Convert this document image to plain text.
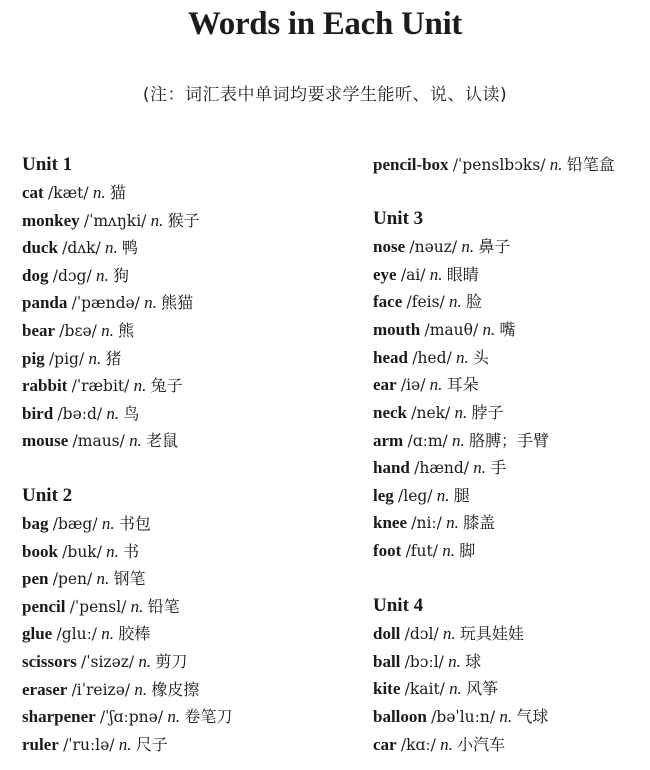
Words in Each Unit
(注：词汇表中单词均要求学生能听、说、认读)
Unit 1
cat /kæt/ n. 猫
monkey /ˈmʌŋki/ n. 猴子
duck /dʌk/ n. 鸭
dog /dɔg/ n. 狗
panda /ˈpændə/ n. 熊猫
bear /bɛə/ n. 熊
pig /pig/ n. 猪
rabbit /ˈræbit/ n. 兔子
bird /bəːd/ n. 鸟
mouse /maus/ n. 老鼠
Unit 2
bag /bæg/ n. 书包
book /buk/ n. 书
pen /pen/ n. 钢笔
pencil /ˈpensl/ n. 铅笔
glue /gluː/ n. 胶棒
scissors /ˈsizəz/ n. 剪刀
eraser /iˈreizə/ n. 橡皮擦
sharpener /ˈʃɑːpnə/ n. 卷笔刀
ruler /ˈruːlə/ n. 尺子
pencil-box /ˈpenslbɔks/ n. 铅笔盒
Unit 3
nose /nəuz/ n. 鼻子
eye /ai/ n. 眼睛
face /feis/ n. 脸
mouth /mauθ/ n. 嘴
head /hed/ n. 头
ear /iə/ n. 耳朵
neck /nek/ n. 脖子
arm /ɑːm/ n. 胳膊；手臂
hand /hænd/ n. 手
leg /leg/ n. 腿
knee /niː/ n. 膝盖
foot /fut/ n. 脚
Unit 4
doll /dɔl/ n. 玩具娃娃
ball /bɔːl/ n. 球
kite /kait/ n. 风筝
balloon /bəˈluːn/ n. 气球
car /kɑː/ n. 小汽车
